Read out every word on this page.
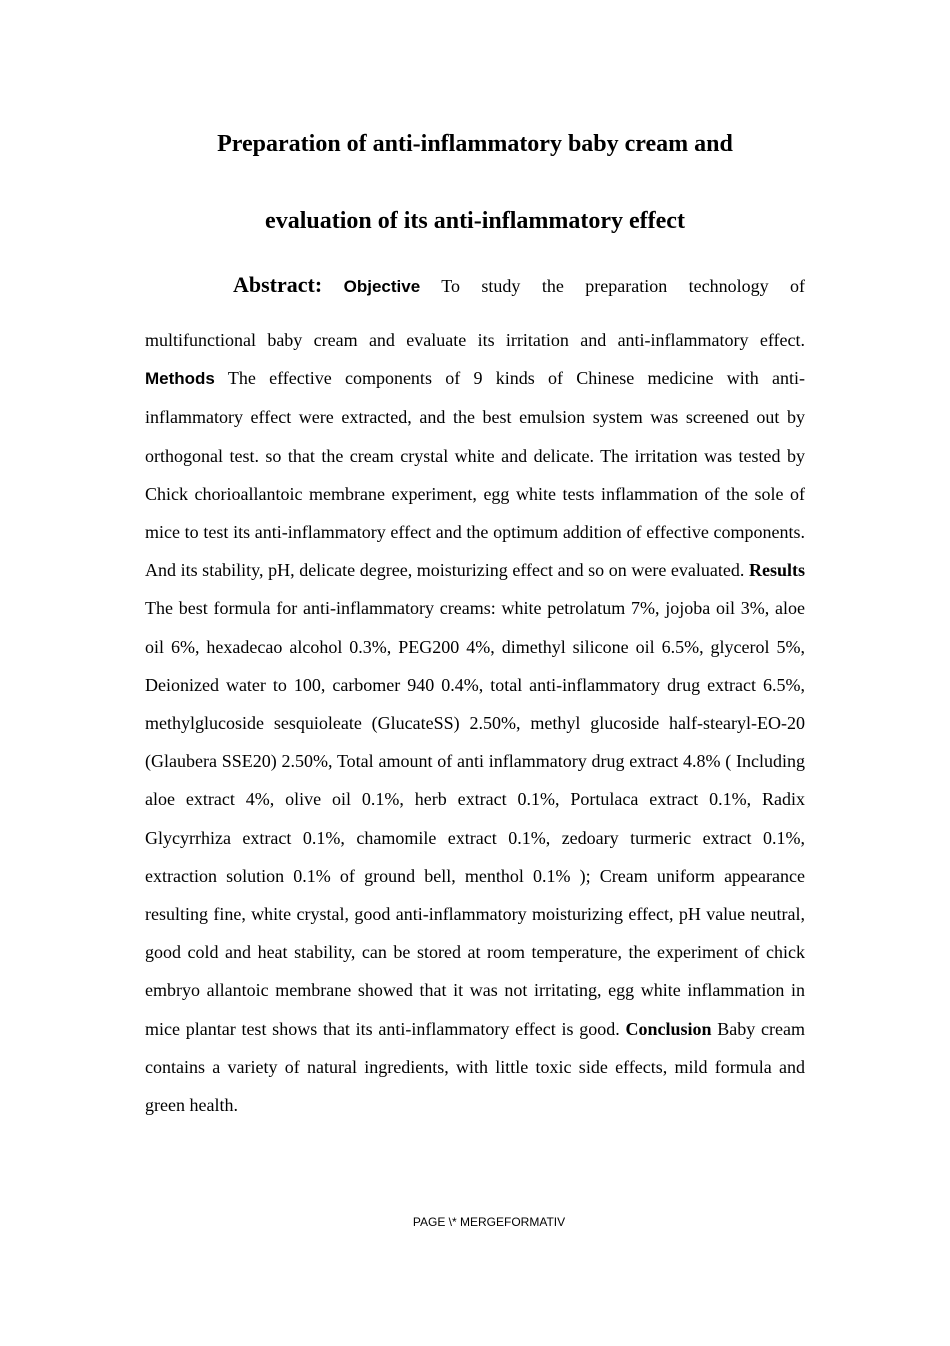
Preparation of anti-inflammatory baby cream and
evaluation of its anti-inflammatory effect

Abstract: Objective To study the preparation technology of

multifunctional baby cream and evaluate its irritation and anti-inflammatory effect. Methods The effective components of 9 kinds of Chinese medicine with anti-inflammatory effect were extracted, and the best emulsion system was screened out by orthogonal test. so that the cream crystal white and delicate. The irritation was tested by Chick chorioallantoic membrane experiment, egg white tests inflammation of the sole of mice to test its anti-inflammatory effect and the optimum addition of effective components. And its stability, pH, delicate degree, moisturizing effect and so on were evaluated. Results The best formula for anti-inflammatory creams: white petrolatum 7%, jojoba oil 3%, aloe oil 6%, hexadecao alcohol 0.3%, PEG200 4%, dimethyl silicone oil 6.5%, glycerol 5%, Deionized water to 100, carbomer 940 0.4%, total anti-inflammatory drug extract 6.5%, methylglucoside sesquioleate (GlucateSS) 2.50%, methyl glucoside half-stearyl-EO-20 (Glaubera SSE20) 2.50%, Total amount of anti inflammatory drug extract 4.8% ( Including aloe extract 4%, olive oil 0.1%, herb extract 0.1%, Portulaca extract 0.1%, Radix Glycyrrhiza extract 0.1%, chamomile extract 0.1%, zedoary turmeric extract 0.1%, extraction solution 0.1% of ground bell, menthol 0.1% ); Cream uniform appearance resulting fine, white crystal, good anti-inflammatory moisturizing effect, pH value neutral, good cold and heat stability, can be stored at room temperature, the experiment of chick embryo allantoic membrane showed that it was not irritating, egg white inflammation in mice plantar test shows that its anti-inflammatory effect is good. Conclusion Baby cream contains a variety of natural ingredients, with little toxic side effects, mild formula and green health.

PAGE \* MERGEFORMATIV
